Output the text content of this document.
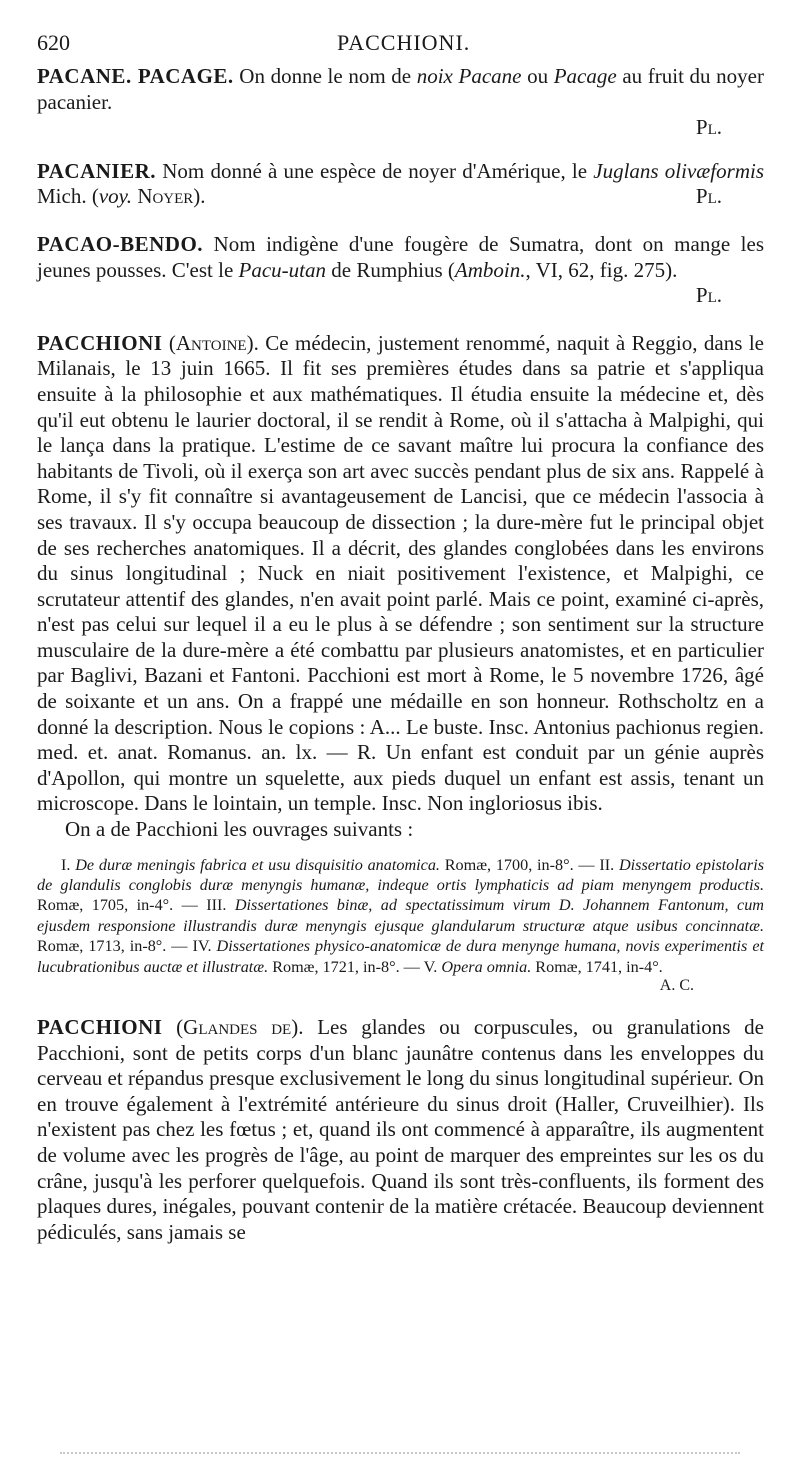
620	PACCHIONI.

PACANE. PACAGE. On donne le nom de noix Pacane ou Pacage au fruit du noyer pacanier.

Pl.

PACANIER. Nom donné à une espèce de noyer d'Amérique, le Juglans olivæformis Mich. (voy. Noyer).	Pl.

PACAO-BENDO. Nom indigène d'une fougère de Sumatra, dont on mange les jeunes pousses. C'est le Pacu-utan de Rumphius (Amboin., VI, 62, fig. 275).

Pl.

PACCHIONI (Antoine). Ce médecin, justement renommé, naquit à Reggio, dans le Milanais, le 13 juin 1665. Il fit ses premières études dans sa patrie et s'appliqua ensuite à la philosophie et aux mathématiques. Il étudia ensuite la médecine et, dès qu'il eut obtenu le laurier doctoral, il se rendit à Rome, où il s'attacha à Malpighi, qui le lança dans la pratique. L'estime de ce savant maître lui procura la confiance des habitants de Tivoli, où il exerça son art avec succès pendant plus de six ans. Rappelé à Rome, il s'y fit connaître si avantageusement de Lancisi, que ce médecin l'associa à ses travaux. Il s'y occupa beaucoup de dissection ; la dure-mère fut le principal objet de ses recherches anatomiques. Il a décrit, des glandes conglobées dans les environs du sinus longitudinal ; Nuck en niait positivement l'existence, et Malpighi, ce scrutateur attentif des glandes, n'en avait point parlé. Mais ce point, examiné ci-après, n'est pas celui sur lequel il a eu le plus à se défendre ; son sentiment sur la structure musculaire de la dure-mère a été combattu par plusieurs anatomistes, et en particulier par Baglivi, Bazani et Fantoni. Pacchioni est mort à Rome, le 5 novembre 1726, âgé de soixante et un ans. On a frappé une médaille en son honneur. Rothscholtz en a donné la description. Nous le copions : A... Le buste. Insc. Antonius pachionus regien. med. et. anat. Romanus. an. lx. — R. Un enfant est conduit par un génie auprès d'Apollon, qui montre un squelette, aux pieds duquel un enfant est assis, tenant un microscope. Dans le lointain, un temple. Insc. Non ingloriosus ibis.

On a de Pacchioni les ouvrages suivants :

I. De duræ meningis fabrica et usu disquisitio anatomica. Romæ, 1700, in-8°. — II. Dissertatio epistolaris de glandulis conglobis duræ menyngis humanæ, indeque ortis lymphaticis ad piam menyngem productis. Romæ, 1705, in-4°. — III. Dissertationes binæ, ad spectatissimum virum D. Johannem Fantonum, cum ejusdem responsione illustrandis duræ menyngis ejusque glandularum structuræ atque usibus concinnatæ. Romæ, 1713, in-8°. — IV. Dissertationes physico-anatomicæ de dura menynge humana, novis experimentis et lucubrationibus auctæ et illustratæ. Romæ, 1721, in-8°. — V. Opera omnia. Romæ, 1741, in-4°.

A. C.

PACCHIONI (Glandes de). Les glandes ou corpuscules, ou granulations de Pacchioni, sont de petits corps d'un blanc jaunâtre contenus dans les enveloppes du cerveau et répandus presque exclusivement le long du sinus longitudinal supérieur. On en trouve également à l'extrémité antérieure du sinus droit (Haller, Cruveilhier). Ils n'existent pas chez les fœtus ; et, quand ils ont commencé à apparaître, ils augmentent de volume avec les progrès de l'âge, au point de marquer des empreintes sur les os du crâne, jusqu'à les perforer quelquefois. Quand ils sont très-confluents, ils forment des plaques dures, inégales, pouvant contenir de la matière crétacée. Beaucoup deviennent pédiculés, sans jamais se
